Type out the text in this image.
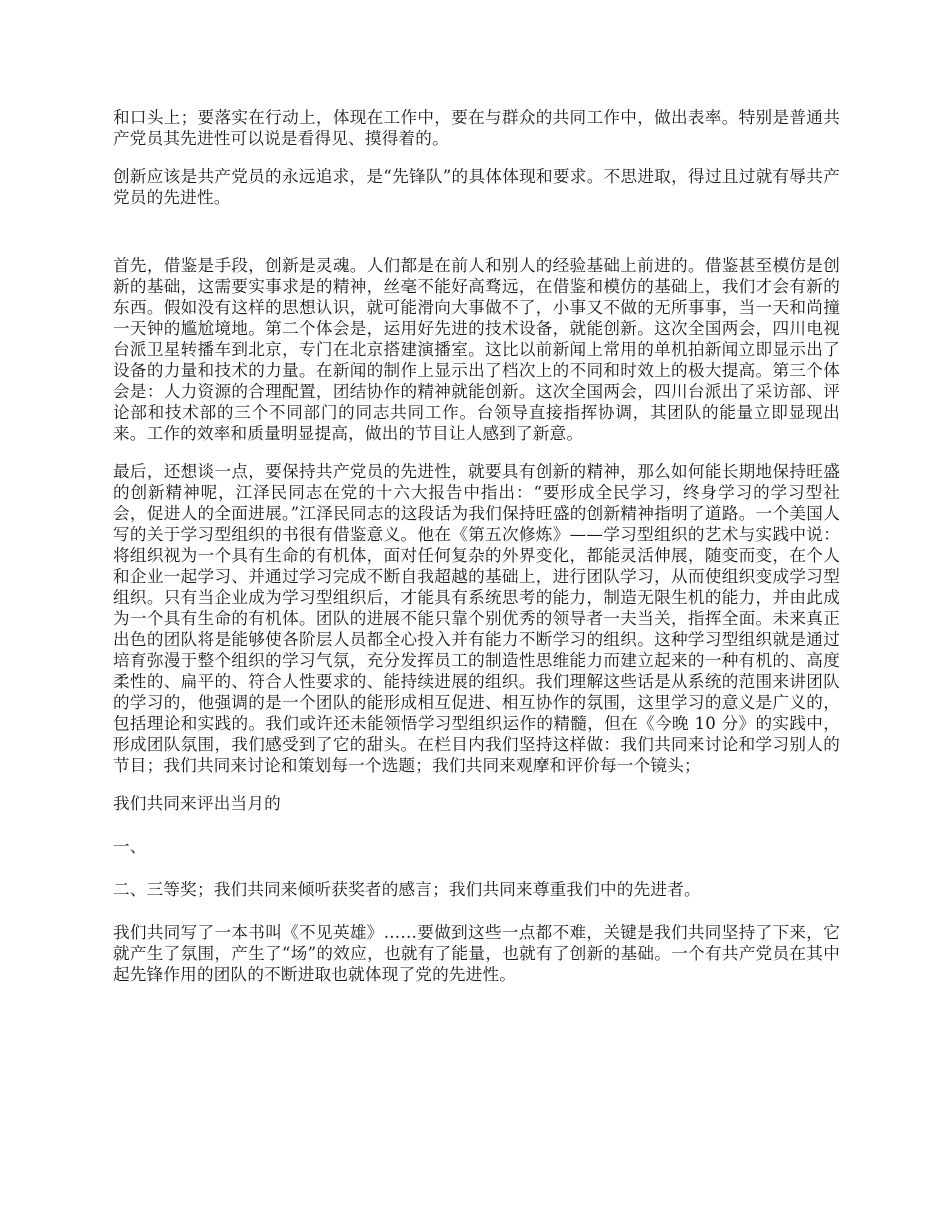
和口头上；要落实在行动上，体现在工作中，要在与群众的共同工作中，做出表率。特别是普通共产党员其先进性可以说是看得见、摸得着的。

创新应该是共产党员的永远追求，是“先锋队”的具体体现和要求。不思进取，得过且过就有辱共产党员的先进性。

首先，借鉴是手段，创新是灵魂。人们都是在前人和别人的经验基础上前进的。借鉴甚至模仿是创新的基础，这需要实事求是的精神，丝毫不能好高骛远，在借鉴和模仿的基础上，我们才会有新的东西。假如没有这样的思想认识，就可能滑向大事做不了，小事又不做的无所事事，当一天和尚撞一天钟的尴尬境地。第二个体会是，运用好先进的技术设备，就能创新。这次全国两会，四川电视台派卫星转播车到北京，专门在北京搭建演播室。这比以前新闻上常用的单机拍新闻立即显示出了设备的力量和技术的力量。在新闻的制作上显示出了档次上的不同和时效上的极大提高。第三个体会是：人力资源的合理配置，团结协作的精神就能创新。这次全国两会，四川台派出了采访部、评论部和技术部的三个不同部门的同志共同工作。台领导直接指挥协调，其团队的能量立即显现出来。工作的效率和质量明显提高，做出的节目让人感到了新意。

最后，还想谈一点，要保持共产党员的先进性，就要具有创新的精神，那么如何能长期地保持旺盛的创新精神呢，江泽民同志在党的十六大报告中指出：“要形成全民学习，终身学习的学习型社会，促进人的全面进展。”江泽民同志的这段话为我们保持旺盛的创新精神指明了道路。一个美国人写的关于学习型组织的书很有借鉴意义。他在《第五次修炼》——学习型组织的艺术与实践中说：将组织视为一个具有生命的有机体，面对任何复杂的外界变化，都能灵活伸展，随变而变，在个人和企业一起学习、并通过学习完成不断自我超越的基础上，进行团队学习，从而使组织变成学习型组织。只有当企业成为学习型组织后，才能具有系统思考的能力，制造无限生机的能力，并由此成为一个具有生命的有机体。团队的进展不能只靠个别优秀的领导者一夫当关，指挥全面。未来真正出色的团队将是能够使各阶层人员都全心投入并有能力不断学习的组织。这种学习型组织就是通过培育弥漫于整个组织的学习气氛，充分发挥员工的制造性思维能力而建立起来的一种有机的、高度柔性的、扁平的、符合人性要求的、能持续进展的组织。我们理解这些话是从系统的范围来讲团队的学习的，他强调的是一个团队的能形成相互促进、相互协作的氛围，这里学习的意义是广义的，包括理论和实践的。我们或许还未能领悟学习型组织运作的精髓，但在《今晚 10 分》的实践中，形成团队氛围，我们感受到了它的甜头。在栏目内我们坚持这样做：我们共同来讨论和学习别人的节目；我们共同来讨论和策划每一个选题；我们共同来观摩和评价每一个镜头；

我们共同来评出当月的

一、

二、三等奖；我们共同来倾听获奖者的感言；我们共同来尊重我们中的先进者。

我们共同写了一本书叫《不见英雄》……要做到这些一点都不难，关键是我们共同坚持了下来，它就产生了氛围，产生了“场”的效应，也就有了能量，也就有了创新的基础。一个有共产党员在其中起先锋作用的团队的不断进取也就体现了党的先进性。
